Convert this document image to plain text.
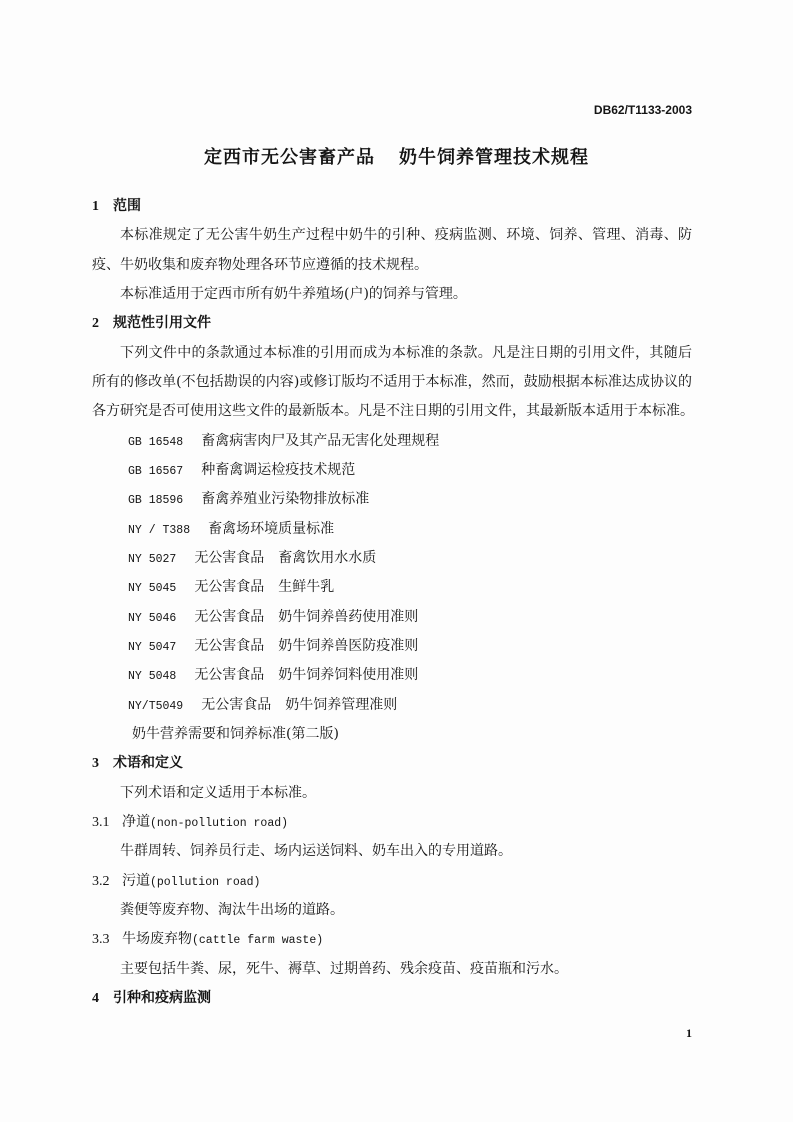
DB62/T1133-2003
定西市无公害畜产品 奶牛饲养管理技术规程
1 范围
本标准规定了无公害牛奶生产过程中奶牛的引种、疫病监测、环境、饲养、管理、消毒、防
疫、牛奶收集和废弃物处理各环节应遵循的技术规程。
本标准适用于定西市所有奶牛养殖场(户)的饲养与管理。
2 规范性引用文件
下列文件中的条款通过本标准的引用而成为本标准的条款。凡是注日期的引用文件，其随后
所有的修改单(不包括勘误的内容)或修订版均不适用于本标准，然而，鼓励根据本标准达成协议的
各方研究是否可使用这些文件的最新版本。凡是不注日期的引用文件，其最新版本适用于本标准。
GB 16548 畜禽病害肉尸及其产品无害化处理规程
GB 16567 种畜禽调运检疫技术规范
GB 18596 畜禽养殖业污染物排放标准
NY / T388 畜禽场环境质量标准
NY 5027 无公害食品　畜禽饮用水水质
NY 5045 无公害食品　生鲜牛乳
NY 5046 无公害食品　奶牛饲养兽药使用准则
NY 5047 无公害食品　奶牛饲养兽医防疫准则
NY 5048 无公害食品　奶牛饲养饲料使用准则
NY/T5049 无公害食品　奶牛饲养管理准则
奶牛营养需要和饲养标准(第二版)
3 术语和定义
下列术语和定义适用于本标准。
3.1 净道(non-pollution road)
牛群周转、饲养员行走、场内运送饲料、奶车出入的专用道路。
3.2 污道(pollution road)
粪便等废弃物、淘汰牛出场的道路。
3.3 牛场废弃物(cattle farm waste)
主要包括牛粪、尿，死牛、褥草、过期兽药、残余疫苗、疫苗瓶和污水。
4 引种和疫病监测
1
